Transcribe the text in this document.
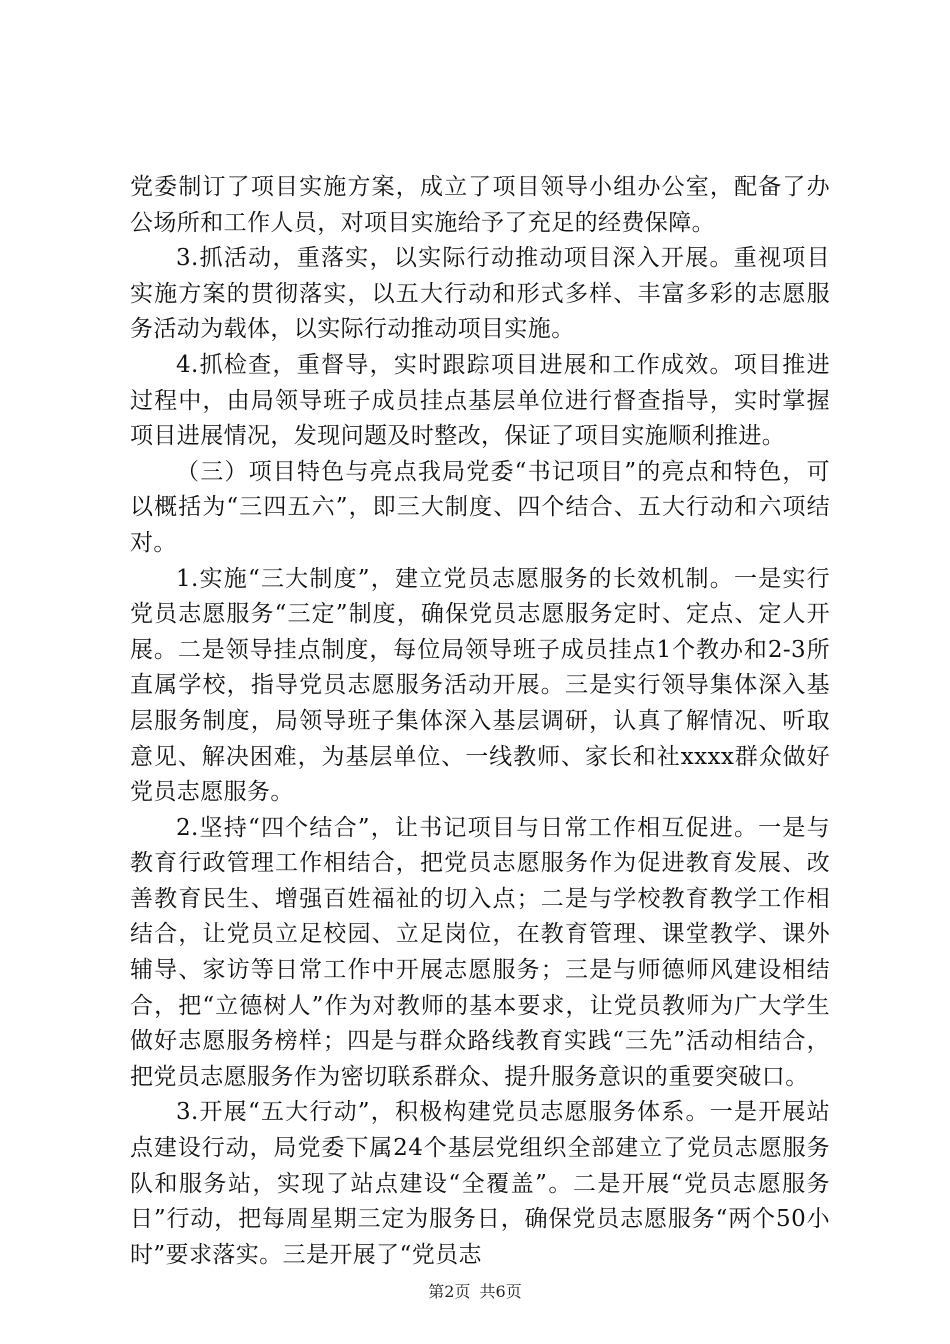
党委制订了项目实施方案，成立了项目领导小组办公室，配备了办公场所和工作人员，对项目实施给予了充足的经费保障。

3.抓活动，重落实，以实际行动推动项目深入开展。重视项目实施方案的贯彻落实，以五大行动和形式多样、丰富多彩的志愿服务活动为载体，以实际行动推动项目实施。

4.抓检查，重督导，实时跟踪项目进展和工作成效。项目推进过程中，由局领导班子成员挂点基层单位进行督查指导，实时掌握项目进展情况，发现问题及时整改，保证了项目实施顺利推进。

（三）项目特色与亮点我局党委“书记项目”的亮点和特色，可以概括为“三四五六”，即三大制度、四个结合、五大行动和六项结对。

1.实施“三大制度”，建立党员志愿服务的长效机制。一是实行党员志愿服务“三定”制度，确保党员志愿服务定时、定点、定人开展。二是领导挂点制度，每位局领导班子成员挂点1个教办和2-3所直属学校，指导党员志愿服务活动开展。三是实行领导集体深入基层服务制度，局领导班子集体深入基层调研，认真了解情况、听取意见、解决困难，为基层单位、一线教师、家长和社xxxx群众做好党员志愿服务。

2.坚持“四个结合”，让书记项目与日常工作相互促进。一是与教育行政管理工作相结合，把党员志愿服务作为促进教育发展、改善教育民生、增强百姓福祉的切入点；二是与学校教育教学工作相结合，让党员立足校园、立足岗位，在教育管理、课堂教学、课外辅导、家访等日常工作中开展志愿服务；三是与师德师风建设相结合，把“立德树人”作为对教师的基本要求，让党员教师为广大学生做好志愿服务榜样；四是与群众路线教育实践“三先”活动相结合，把党员志愿服务作为密切联系群众、提升服务意识的重要突破口。

3.开展“五大行动”，积极构建党员志愿服务体系。一是开展站点建设行动，局党委下属24个基层党组织全部建立了党员志愿服务队和服务站，实现了站点建设“全覆盖”。二是开展“党员志愿服务日”行动，把每周星期三定为服务日，确保党员志愿服务“两个50小时”要求落实。三是开展了“党员志

第2页 共6页
